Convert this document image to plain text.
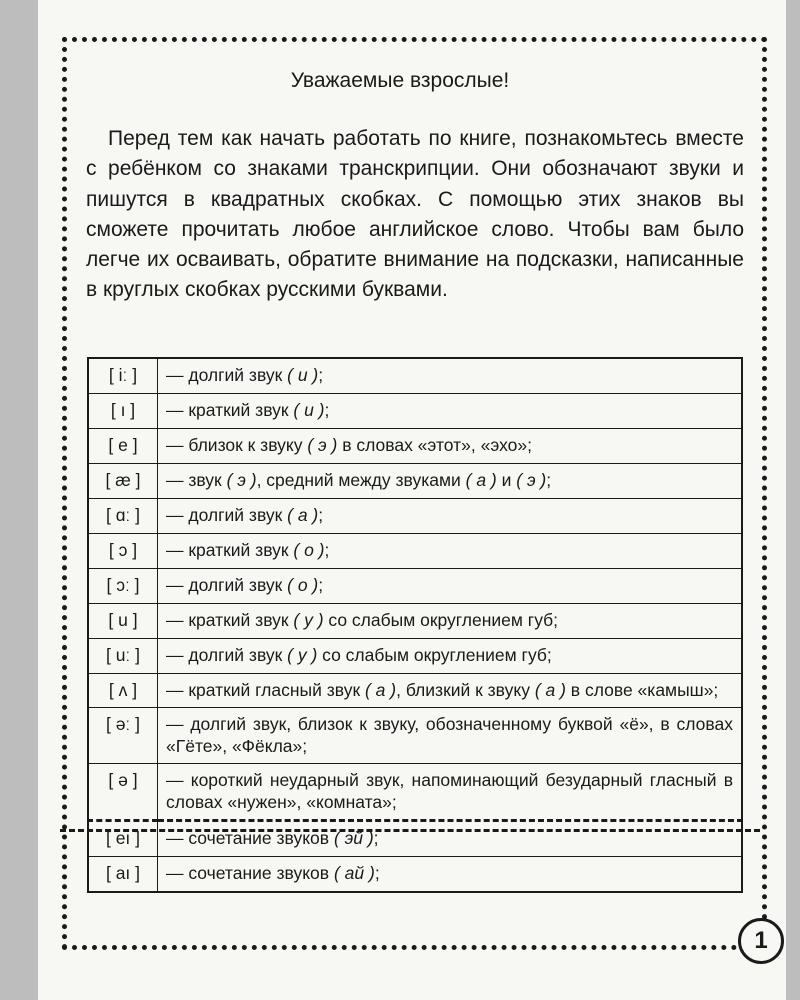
Уважаемые взрослые!

Перед тем как начать работать по книге, познакомьтесь вместе с ребёнком со знаками транскрипции. Они обозначают звуки и пишутся в квадратных скобках. С помощью этих знаков вы сможете прочитать любое английское слово. Чтобы вам было легче их осваивать, обратите внимание на подсказки, написанные в круглых скобках русскими буквами.

[ iː ]	— долгий звук ( и );
[ ı ]	— краткий звук ( и );
[ e ]	— близок к звуку ( э ) в словах «этот», «эхо»;
[ æ ]	— звук ( э ), средний между звуками ( а ) и ( э );
[ ɑː ]	— долгий звук ( а );
[ ɔ ]	— краткий звук ( о );
[ ɔː ]	— долгий звук ( о );
[ u ]	— краткий звук ( у ) со слабым округлением губ;
[ uː ]	— долгий звук ( у ) со слабым округлением губ;
[ ʌ ]	— краткий гласный звук ( а ), близкий к звуку ( а ) в слове «камыш»;
[ əː ]	— долгий звук, близок к звуку, обозначенному буквой «ё», в словах «Гёте», «Фёкла»;
[ ə ]	— короткий неударный звук, напоминающий безударный гласный в словах «нужен», «комната»;
[ eı ]	— сочетание звуков ( эй );
[ aı ]	— сочетание звуков ( ай );
1
